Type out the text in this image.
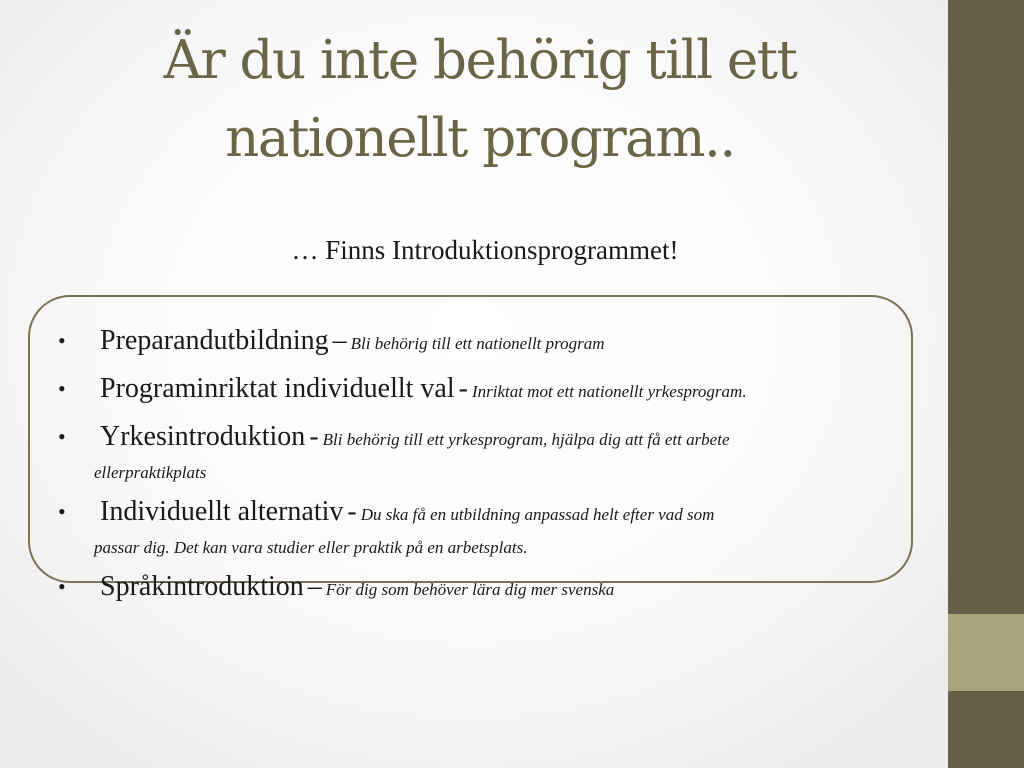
Är du inte behörig till ett
nationellt program..
… Finns Introduktionsprogrammet!
• Preparandutbildning – Bli behörig till ett nationellt program
• Programinriktat individuellt val - Inriktat mot ett nationellt yrkesprogram.
• Yrkesintroduktion - Bli behörig till ett yrkesprogram, hjälpa dig att få ett arbete
ellerpraktikplats
• Individuellt alternativ - Du ska få en utbildning anpassad helt efter vad som
passar dig. Det kan vara studier eller praktik på en arbetsplats.
• Språkintroduktion – För dig som behöver lära dig mer svenska
